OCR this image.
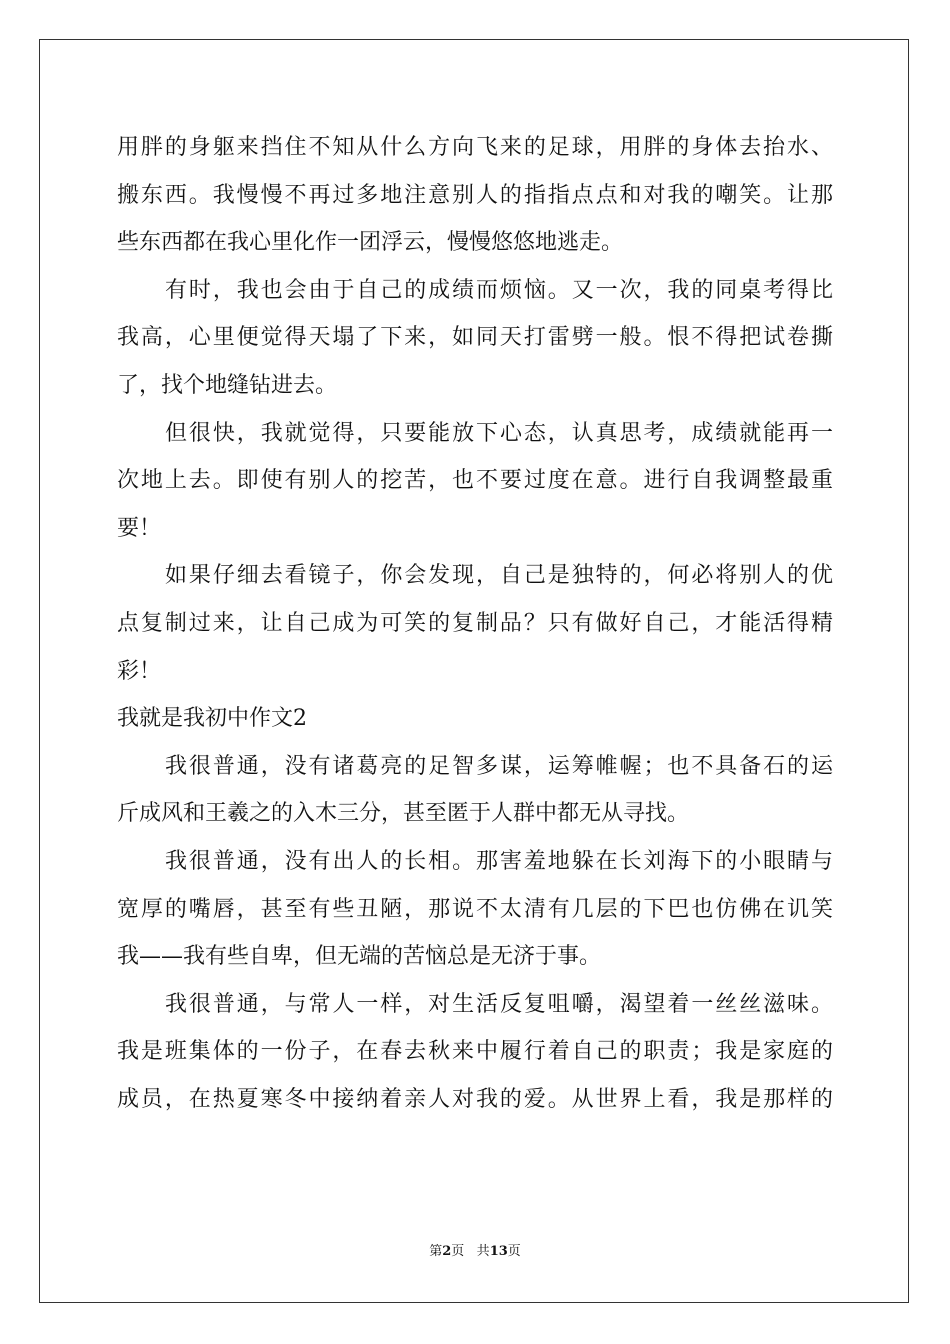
用胖的身躯来挡住不知从什么方向飞来的足球，用胖的身体去抬水、
搬东西。我慢慢不再过多地注意别人的指指点点和对我的嘲笑。让那
些东西都在我心里化作一团浮云，慢慢悠悠地逃走。
有时，我也会由于自己的成绩而烦恼。又一次，我的同桌考得比
我高，心里便觉得天塌了下来，如同天打雷劈一般。恨不得把试卷撕
了，找个地缝钻进去。
但很快，我就觉得，只要能放下心态，认真思考，成绩就能再一
次地上去。即使有别人的挖苦，也不要过度在意。进行自我调整最重
要！
如果仔细去看镜子，你会发现，自己是独特的，何必将别人的优
点复制过来，让自己成为可笑的复制品？只有做好自己，才能活得精
彩！
我就是我初中作文2
我很普通，没有诸葛亮的足智多谋，运筹帷幄；也不具备石的运
斤成风和王羲之的入木三分，甚至匿于人群中都无从寻找。
我很普通，没有出人的长相。那害羞地躲在长刘海下的小眼睛与
宽厚的嘴唇，甚至有些丑陋，那说不太清有几层的下巴也仿佛在讥笑
我——我有些自卑，但无端的苦恼总是无济于事。
我很普通，与常人一样，对生活反复咀嚼，渴望着一丝丝滋味。
我是班集体的一份子，在春去秋来中履行着自己的职责；我是家庭的
成员，在热夏寒冬中接纳着亲人对我的爱。从世界上看，我是那样的
第2页 共13页
